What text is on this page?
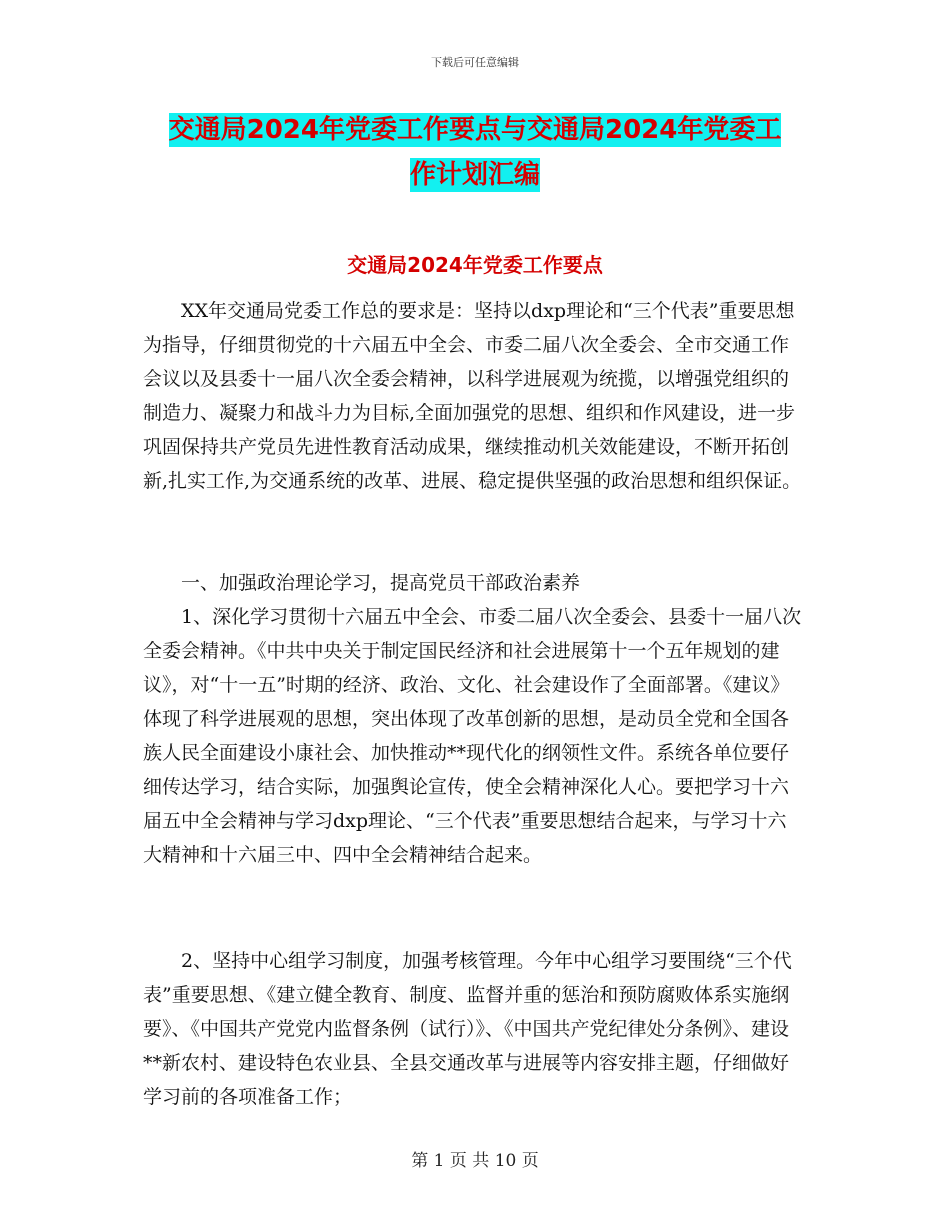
下载后可任意编辑
交通局2024年党委工作要点与交通局2024年党委工
作计划汇编
交通局2024年党委工作要点

XX年交通局党委工作总的要求是：坚持以dxp理论和“三个代表”重要思想为指导，仔细贯彻党的十六届五中全会、市委二届八次全委会、全市交通工作会议以及县委十一届八次全委会精神，以科学进展观为统揽，以增强党组织的制造力、凝聚力和战斗力为目标,全面加强党的思想、组织和作风建设，进一步巩固保持共产党员先进性教育活动成果，继续推动机关效能建设，不断开拓创新,扎实工作,为交通系统的改革、进展、稳定提供坚强的政治思想和组织保证。

一、加强政治理论学习，提高党员干部政治素养

1、深化学习贯彻十六届五中全会、市委二届八次全委会、县委十一届八次全委会精神。《中共中央关于制定国民经济和社会进展第十一个五年规划的建议》，对“十一五”时期的经济、政治、文化、社会建设作了全面部署。《建议》体现了科学进展观的思想，突出体现了改革创新的思想，是动员全党和全国各族人民全面建设小康社会、加快推动**现代化的纲领性文件。系统各单位要仔细传达学习，结合实际，加强舆论宣传，使全会精神深化人心。要把学习十六届五中全会精神与学习dxp理论、“三个代表”重要思想结合起来，与学习十六大精神和十六届三中、四中全会精神结合起来。

2、坚持中心组学习制度，加强考核管理。今年中心组学习要围绕“三个代表”重要思想、《建立健全教育、制度、监督并重的惩治和预防腐败体系实施纲要》、《中国共产党党内监督条例（试行）》、《中国共产党纪律处分条例》、建设**新农村、建设特色农业县、全县交通改革与进展等内容安排主题，仔细做好学习前的各项准备工作；

第 1 页 共 10 页
